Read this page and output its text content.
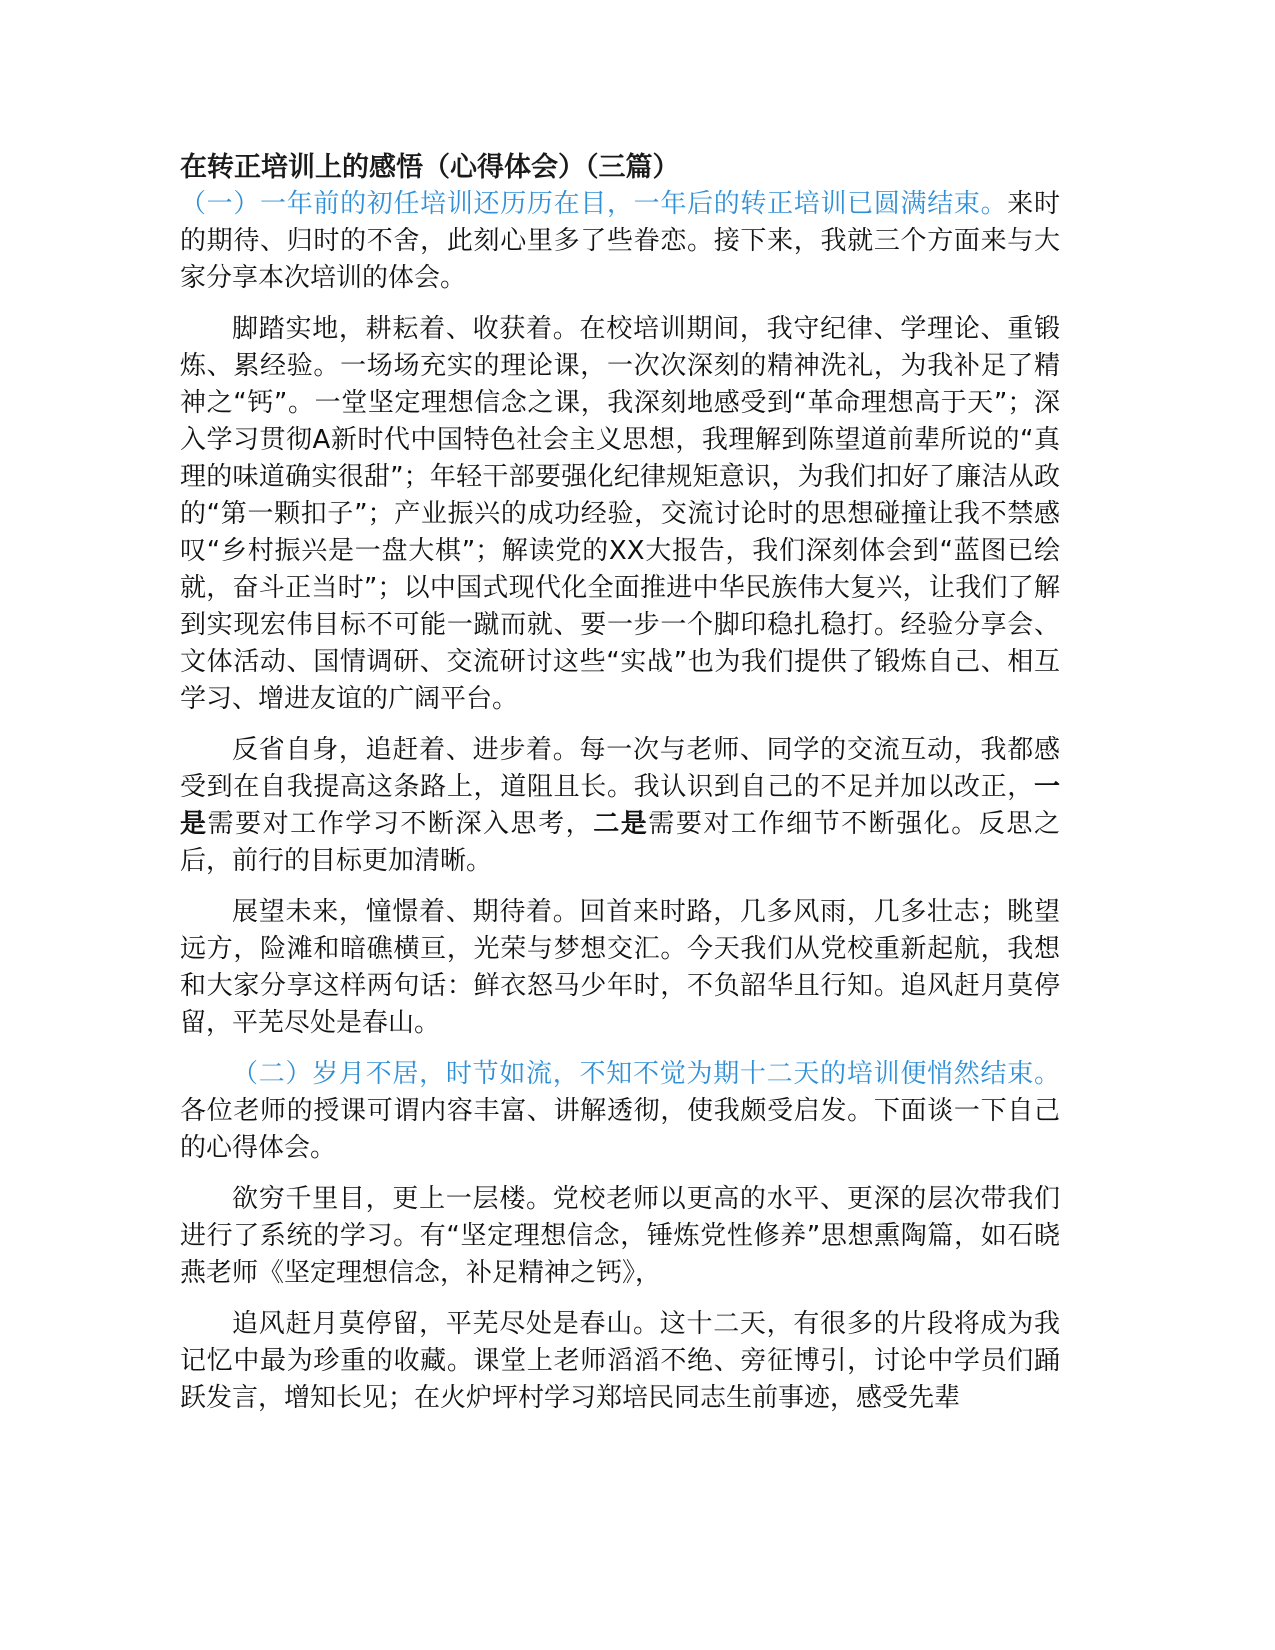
在转正培训上的感悟（心得体会）（三篇）

（一）一年前的初任培训还历历在目，一年后的转正培训已圆满结束。来时的期待、归时的不舍，此刻心里多了些眷恋。接下来，我就三个方面来与大家分享本次培训的体会。

脚踏实地，耕耘着、收获着。在校培训期间，我守纪律、学理论、重锻炼、累经验。一场场充实的理论课，一次次深刻的精神洗礼，为我补足了精神之“钙”。一堂坚定理想信念之课，我深刻地感受到“革命理想高于天”；深入学习贯彻A新时代中国特色社会主义思想，我理解到陈望道前辈所说的“真理的味道确实很甜”；年轻干部要强化纪律规矩意识，为我们扣好了廉洁从政的“第一颗扣子”；产业振兴的成功经验，交流讨论时的思想碰撞让我不禁感叹“乡村振兴是一盘大棋”；解读党的XX大报告，我们深刻体会到“蓝图已绘就，奋斗正当时”；以中国式现代化全面推进中华民族伟大复兴，让我们了解到实现宏伟目标不可能一蹴而就、要一步一个脚印稳扎稳打。经验分享会、文体活动、国情调研、交流研讨这些“实战”也为我们提供了锻炼自己、相互学习、增进友谊的广阔平台。

反省自身，追赶着、进步着。每一次与老师、同学的交流互动，我都感受到在自我提高这条路上，道阻且长。我认识到自己的不足并加以改正，一是需要对工作学习不断深入思考，二是需要对工作细节不断强化。反思之后，前行的目标更加清晰。

展望未来，憧憬着、期待着。回首来时路，几多风雨，几多壮志；眺望远方，险滩和暗礁横亘，光荣与梦想交汇。今天我们从党校重新起航，我想和大家分享这样两句话：鲜衣怒马少年时，不负韶华且行知。追风赶月莫停留，平芜尽处是春山。

（二）岁月不居，时节如流，不知不觉为期十二天的培训便悄然结束。各位老师的授课可谓内容丰富、讲解透彻，使我颇受启发。下面谈一下自己的心得体会。

欲穷千里目，更上一层楼。党校老师以更高的水平、更深的层次带我们进行了系统的学习。有“坚定理想信念，锤炼党性修养”思想熏陶篇，如石晓燕老师《坚定理想信念，补足精神之钙》，

追风赶月莫停留，平芜尽处是春山。这十二天，有很多的片段将成为我记忆中最为珍重的收藏。课堂上老师滔滔不绝、旁征博引，讨论中学员们踊跃发言，增知长见；在火炉坪村学习郑培民同志生前事迹，感受先辈
